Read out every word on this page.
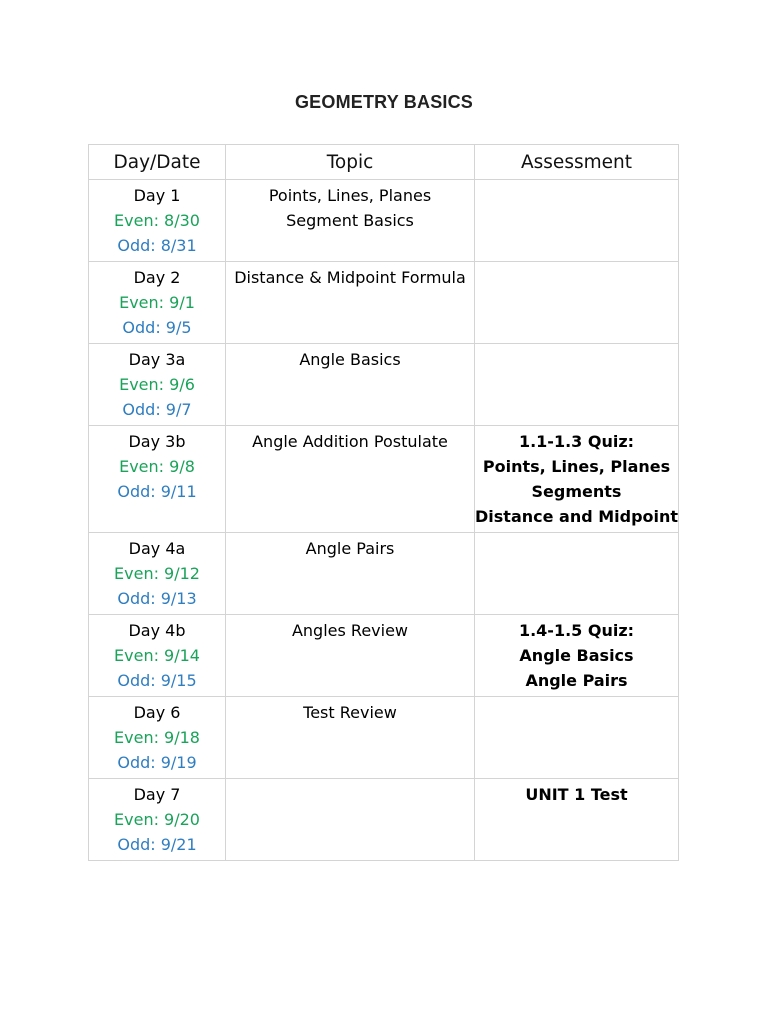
GEOMETRY BASICS
Day/Date	Topic	Assessment

Day 1
Even: 8/30
Odd: 8/31	Points, Lines, Planes
Segment Basics	

Day 2
Even: 9/1
Odd: 9/5	Distance & Midpoint Formula	

Day 3a
Even: 9/6
Odd: 9/7	Angle Basics	

Day 3b
Even: 9/8
Odd: 9/11	Angle Addition Postulate	1.1-1.3 Quiz:
Points, Lines, Planes
Segments
Distance and Midpoint

Day 4a
Even: 9/12
Odd: 9/13	Angle Pairs	

Day 4b
Even: 9/14
Odd: 9/15	Angles Review	1.4-1.5 Quiz:
Angle Basics
Angle Pairs

Day 6
Even: 9/18
Odd: 9/19	Test Review	

Day 7
Even: 9/20
Odd: 9/21		UNIT 1 Test
